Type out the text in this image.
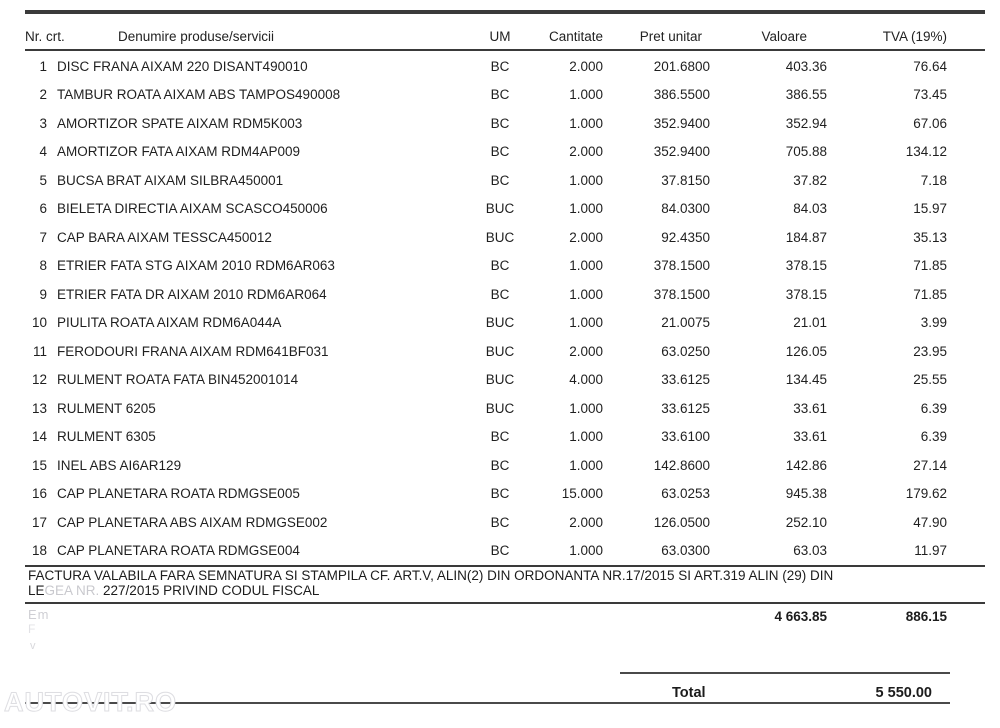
Nr. crt.	Denumire produse/servicii	UM	Cantitate	Pret unitar	Valoare	TVA (19%)
1 DISC FRANA AIXAM 220 DISANT490010	BC	2.000	201.6800	403.36	76.64
2 TAMBUR ROATA AIXAM ABS TAMPOS490008	BC	1.000	386.5500	386.55	73.45
3 AMORTIZOR SPATE AIXAM RDM5K003	BC	1.000	352.9400	352.94	67.06
4 AMORTIZOR FATA AIXAM RDM4AP009	BC	2.000	352.9400	705.88	134.12
5 BUCSA BRAT AIXAM SILBRA450001	BC	1.000	37.8150	37.82	7.18
6 BIELETA DIRECTIA AIXAM SCASCO450006	BUC	1.000	84.0300	84.03	15.97
7 CAP BARA AIXAM TESSCA450012	BUC	2.000	92.4350	184.87	35.13
8 ETRIER FATA STG AIXAM 2010 RDM6AR063	BC	1.000	378.1500	378.15	71.85
9 ETRIER FATA DR AIXAM 2010 RDM6AR064	BC	1.000	378.1500	378.15	71.85
10 PIULITA ROATA AIXAM RDM6A044A	BUC	1.000	21.0075	21.01	3.99
11 FERODOURI FRANA AIXAM RDM641BF031	BUC	2.000	63.0250	126.05	23.95
12 RULMENT ROATA FATA BIN452001014	BUC	4.000	33.6125	134.45	25.55
13 RULMENT 6205	BUC	1.000	33.6125	33.61	6.39
14 RULMENT 6305	BC	1.000	33.6100	33.61	6.39
15 INEL ABS AI6AR129	BC	1.000	142.8600	142.86	27.14
16 CAP PLANETARA ROATA RDMGSE005	BC	15.000	63.0253	945.38	179.62
17 CAP PLANETARA ABS AIXAM RDMGSE002	BC	2.000	126.0500	252.10	47.90
18 CAP PLANETARA ROATA RDMGSE004	BC	1.000	63.0300	63.03	11.97
FACTURA VALABILA FARA SEMNATURA SI STAMPILA CF. ART.V, ALIN(2) DIN ORDONANTA NR.17/2015 SI ART.319 ALIN (29) DIN
LEGEA NR. 227/2015 PRIVIND CODUL FISCAL
4 663.85	886.15
Em
F
v
Total	5 550.00
AUTOVIT.RO
